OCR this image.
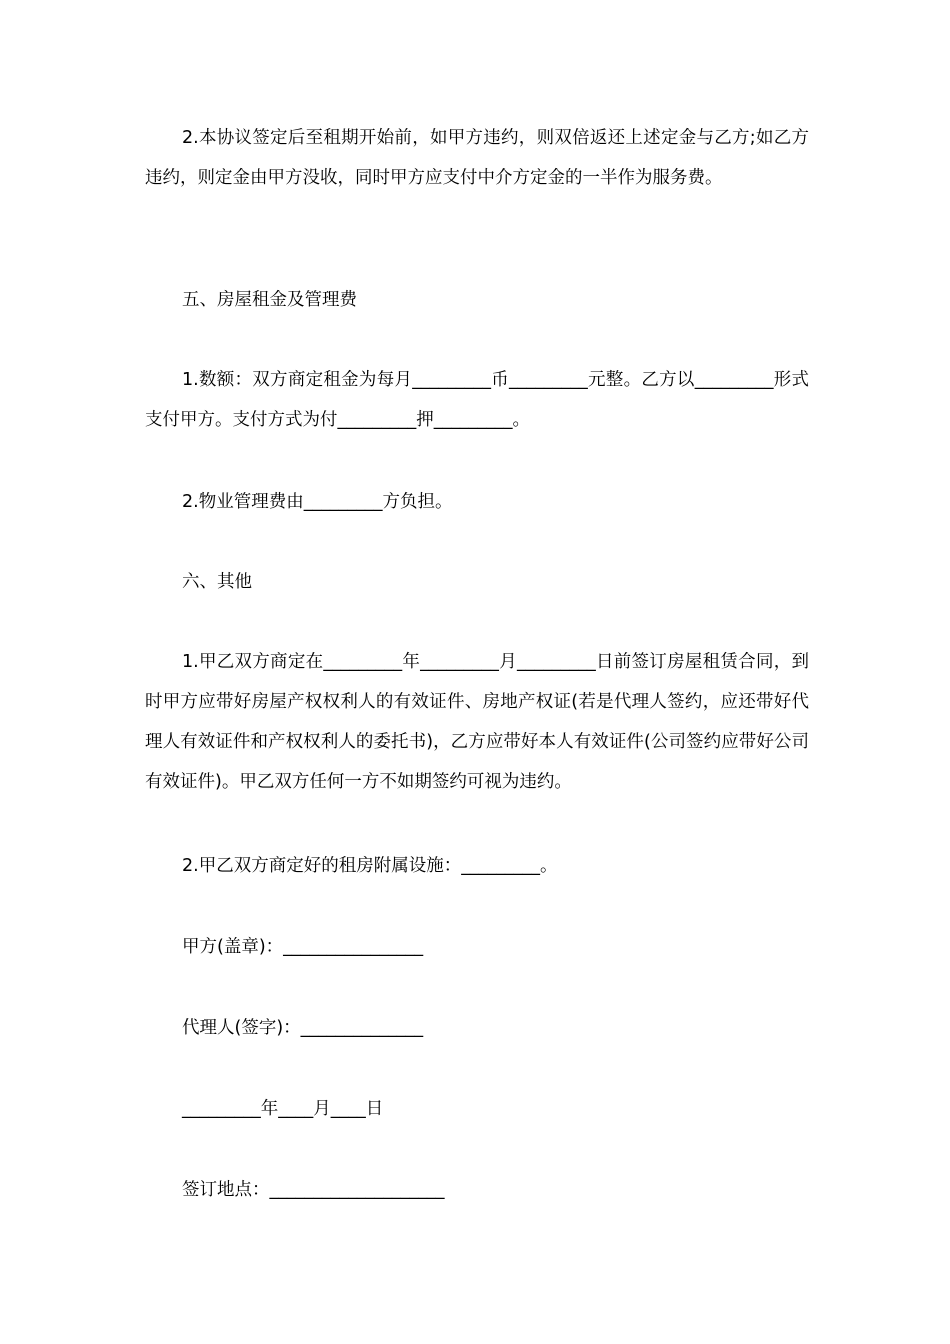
2.本协议签定后至租期开始前，如甲方违约，则双倍返还上述定金与乙方;如乙方违约，则定金由甲方没收，同时甲方应支付中介方定金的一半作为服务费。

五、房屋租金及管理费

1.数额：双方商定租金为每月_________币_________元整。乙方以_________形式支付甲方。支付方式为付_________押_________。

2.物业管理费由_________方负担。

六、其他

1.甲乙双方商定在_________年_________月_________日前签订房屋租赁合同，到时甲方应带好房屋产权权利人的有效证件、房地产权证(若是代理人签约，应还带好代理人有效证件和产权权利人的委托书)，乙方应带好本人有效证件(公司签约应带好公司有效证件)。甲乙双方任何一方不如期签约可视为违约。

2.甲乙双方商定好的租房附属设施：_________。

甲方(盖章)：________________

代理人(签字)：______________

_________年____月____日

签订地点：____________________
